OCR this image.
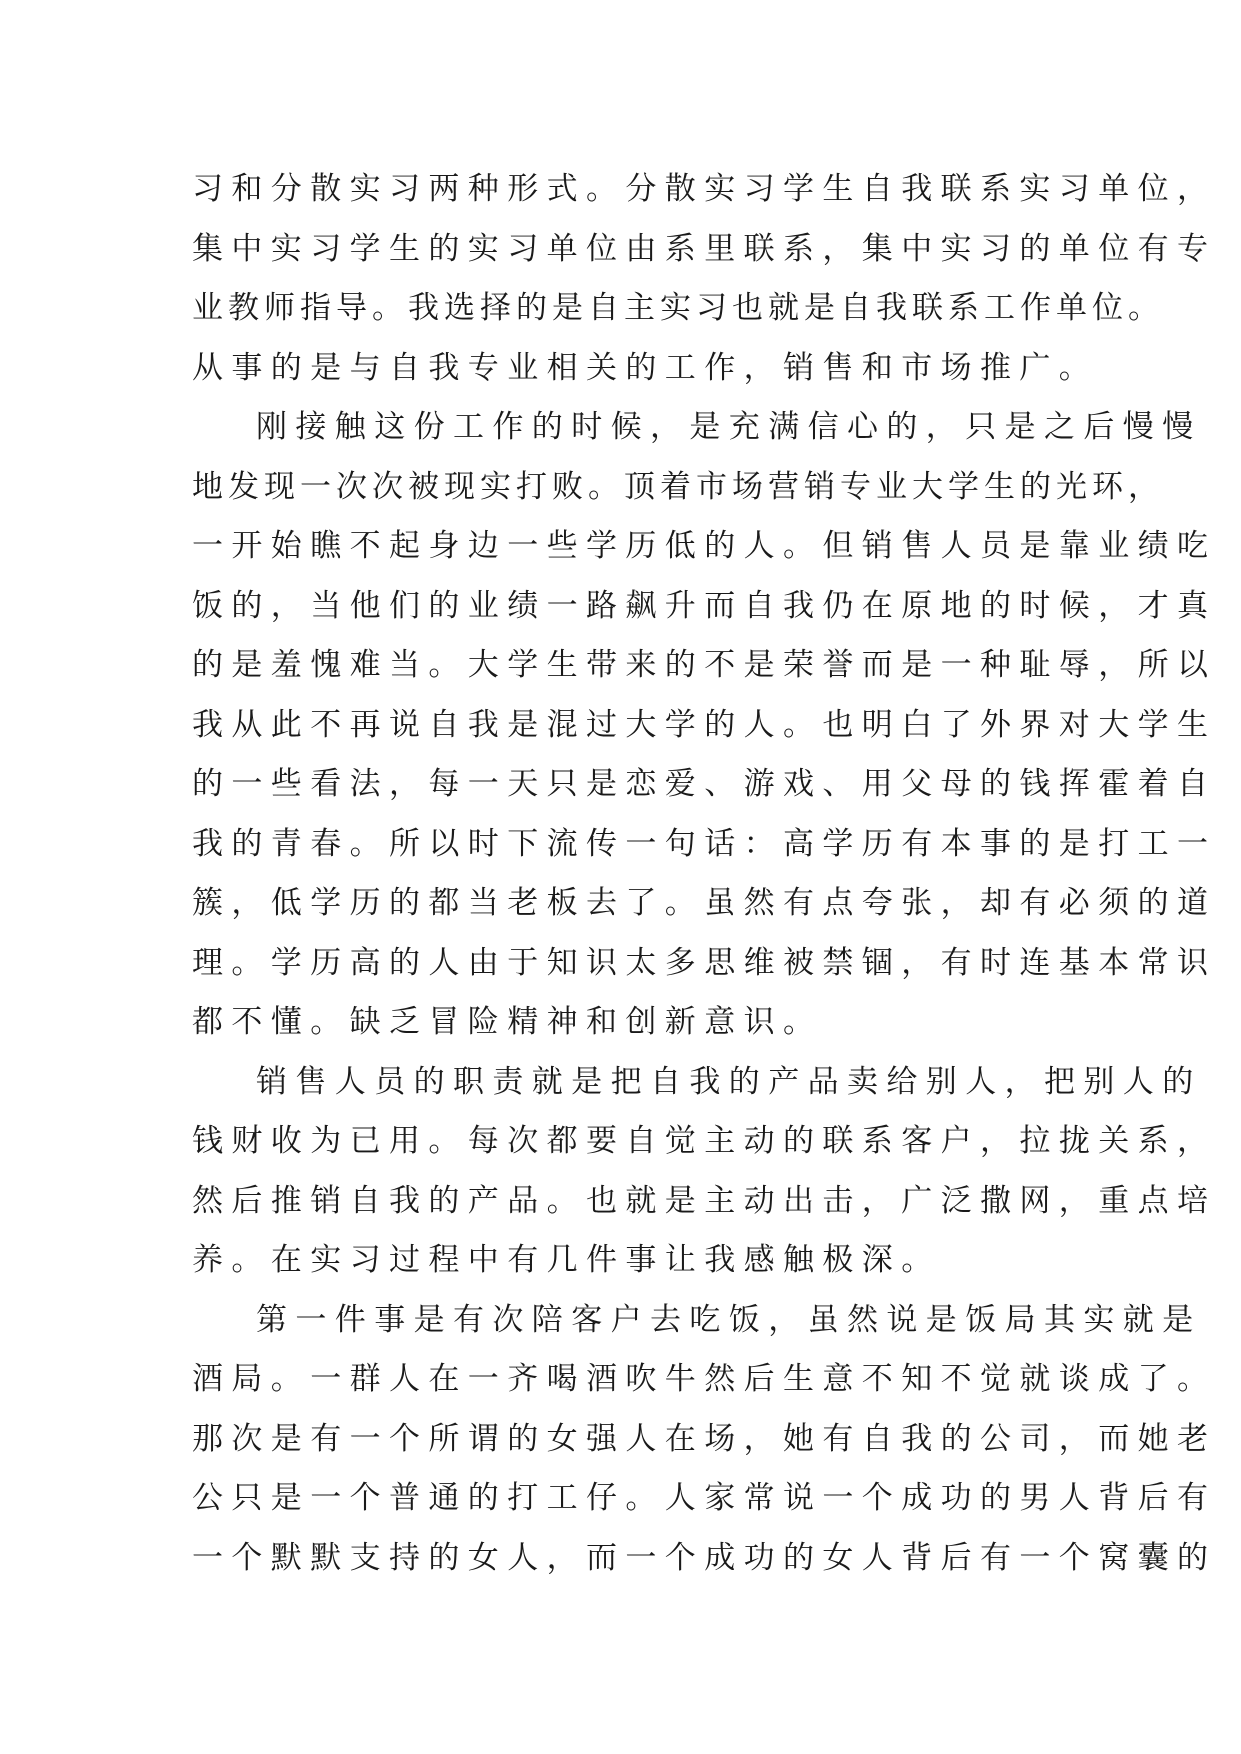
习和分散实习两种形式。分散实习学生自我联系实习单位，
集中实习学生的实习单位由系里联系，集中实习的单位有专
业教师指导。我选择的是自主实习也就是自我联系工作单位。
从事的是与自我专业相关的工作，销售和市场推广。
刚接触这份工作的时候，是充满信心的，只是之后慢慢
地发现一次次被现实打败。顶着市场营销专业大学生的光环，
一开始瞧不起身边一些学历低的人。但销售人员是靠业绩吃
饭的，当他们的业绩一路飙升而自我仍在原地的时候，才真
的是羞愧难当。大学生带来的不是荣誉而是一种耻辱，所以
我从此不再说自我是混过大学的人。也明白了外界对大学生
的一些看法，每一天只是恋爱、游戏、用父母的钱挥霍着自
我的青春。所以时下流传一句话：高学历有本事的是打工一
簇，低学历的都当老板去了。虽然有点夸张，却有必须的道
理。学历高的人由于知识太多思维被禁锢，有时连基本常识
都不懂。缺乏冒险精神和创新意识。
销售人员的职责就是把自我的产品卖给别人，把别人的
钱财收为已用。每次都要自觉主动的联系客户，拉拢关系，
然后推销自我的产品。也就是主动出击，广泛撒网，重点培
养。在实习过程中有几件事让我感触极深。
第一件事是有次陪客户去吃饭，虽然说是饭局其实就是
酒局。一群人在一齐喝酒吹牛然后生意不知不觉就谈成了。
那次是有一个所谓的女强人在场，她有自我的公司，而她老
公只是一个普通的打工仔。人家常说一个成功的男人背后有
一个默默支持的女人，而一个成功的女人背后有一个窝囊的
